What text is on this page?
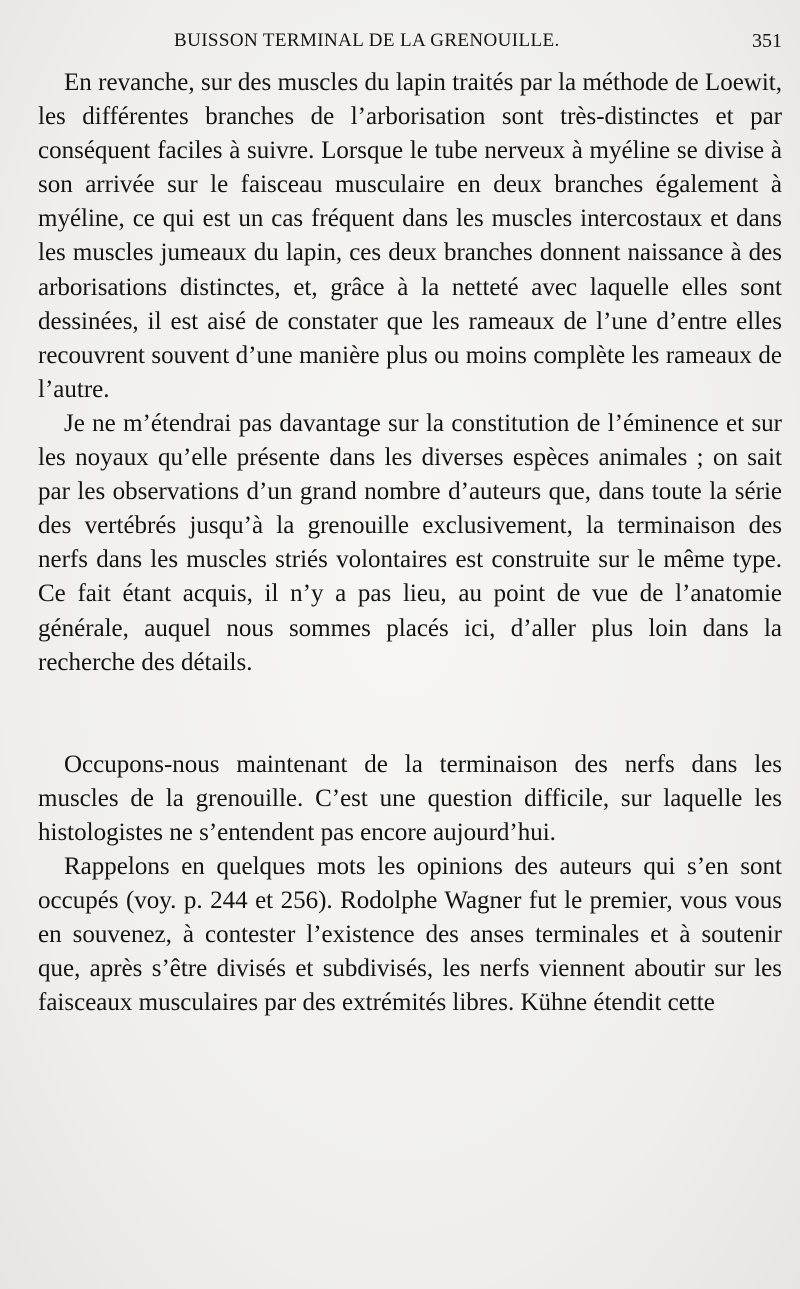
BUISSON TERMINAL DE LA GRENOUILLE.	351

En revanche, sur des muscles du lapin traités par la méthode de Loewit, les différentes branches de l’arborisation sont très-distinctes et par conséquent faciles à suivre. Lorsque le tube nerveux à myéline se divise à son arrivée sur le faisceau musculaire en deux branches également à myéline, ce qui est un cas fréquent dans les muscles intercostaux et dans les muscles jumeaux du lapin, ces deux branches donnent naissance à des arborisations distinctes, et, grâce à la netteté avec laquelle elles sont dessinées, il est aisé de constater que les rameaux de l’une d’entre elles recouvrent souvent d’une manière plus ou moins complète les rameaux de l’autre.

Je ne m’étendrai pas davantage sur la constitution de l’éminence et sur les noyaux qu’elle présente dans les diverses espèces animales ; on sait par les observations d’un grand nombre d’auteurs que, dans toute la série des vertébrés jusqu’à la grenouille exclusivement, la terminaison des nerfs dans les muscles striés volontaires est construite sur le même type. Ce fait étant acquis, il n’y a pas lieu, au point de vue de l’anatomie générale, auquel nous sommes placés ici, d’aller plus loin dans la recherche des détails.

Occupons-nous maintenant de la terminaison des nerfs dans les muscles de la grenouille. C’est une question difficile, sur laquelle les histologistes ne s’entendent pas encore aujourd’hui.

Rappelons en quelques mots les opinions des auteurs qui s’en sont occupés (voy. p. 244 et 256). Rodolphe Wagner fut le premier, vous vous en souvenez, à contester l’existence des anses terminales et à soutenir que, après s’être divisés et subdivisés, les nerfs viennent aboutir sur les faisceaux musculaires par des extrémités libres. Kühne étendit cette
